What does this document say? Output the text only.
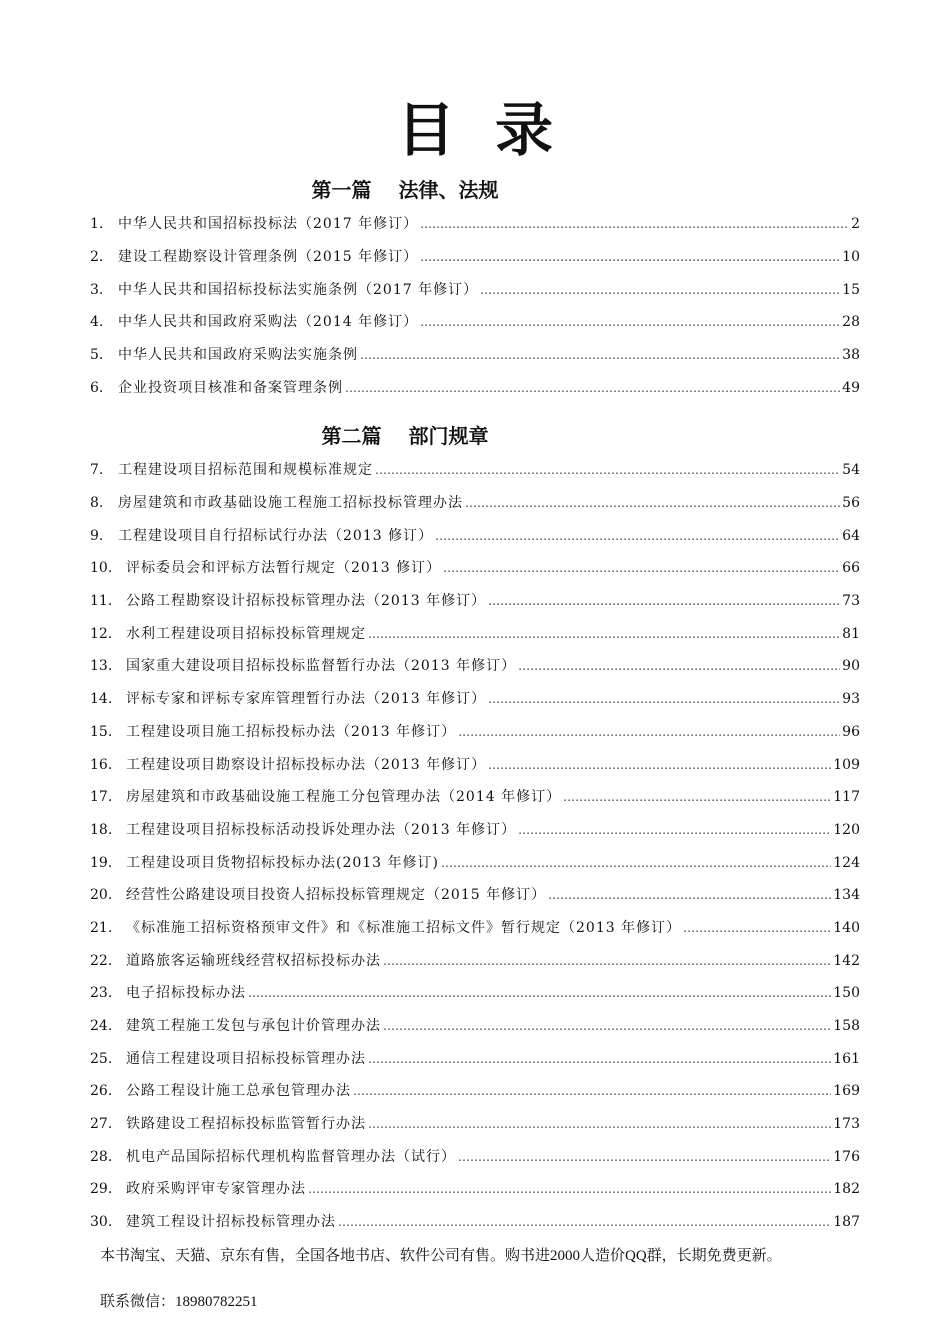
目录
第一篇　 法律、法规
1.	中华人民共和国招标投标法（2017 年修订） ……………………………………………………………………………………………………………………………………………………………………………………………………………………	2
2.	建设工程勘察设计管理条例（2015 年修订） ……………………………………………………………………………………………………………………………………………………………………………………………………………………	10
3.	中华人民共和国招标投标法实施条例（2017 年修订） ……………………………………………………………………………………………………………………………………………………………………………………………………………………	15
4.	中华人民共和国政府采购法（2014 年修订） ……………………………………………………………………………………………………………………………………………………………………………………………………………………	28
5.	中华人民共和国政府采购法实施条例 ……………………………………………………………………………………………………………………………………………………………………………………………………………………	38
6.	企业投资项目核准和备案管理条例 ……………………………………………………………………………………………………………………………………………………………………………………………………………………	49
第二篇　 部门规章
7.	工程建设项目招标范围和规模标准规定 ……………………………………………………………………………………………………………………………………………………………………………………………………………………	54
8.	房屋建筑和市政基础设施工程施工招标投标管理办法 ……………………………………………………………………………………………………………………………………………………………………………………………………………………	56
9.	工程建设项目自行招标试行办法（2013 修订） ……………………………………………………………………………………………………………………………………………………………………………………………………………………	64
10. 评标委员会和评标方法暂行规定（2013 修订） ……………………………………………………………………………………………………………………………………………………………………………………………………………………	66
11. 公路工程勘察设计招标投标管理办法（2013 年修订） ……………………………………………………………………………………………………………………………………………………………………………………………………………………	73
12. 水利工程建设项目招标投标管理规定 ……………………………………………………………………………………………………………………………………………………………………………………………………………………	81
13. 国家重大建设项目招标投标监督暂行办法（2013 年修订） ……………………………………………………………………………………………………………………………………………………………………………………………………………………	90
14. 评标专家和评标专家库管理暂行办法（2013 年修订） ……………………………………………………………………………………………………………………………………………………………………………………………………………………	93
15. 工程建设项目施工招标投标办法（2013 年修订） ……………………………………………………………………………………………………………………………………………………………………………………………………………………	96
16. 工程建设项目勘察设计招标投标办法（2013 年修订） ……………………………………………………………………………………………………………………………………………………………………………………………………………………	109
17. 房屋建筑和市政基础设施工程施工分包管理办法（2014 年修订） ……………………………………………………………………………………………………………………………………………………………………………………………………………………	117
18. 工程建设项目招标投标活动投诉处理办法（2013 年修订） ……………………………………………………………………………………………………………………………………………………………………………………………………………………	120
19. 工程建设项目货物招标投标办法(2013 年修订) ……………………………………………………………………………………………………………………………………………………………………………………………………………………	124
20. 经营性公路建设项目投资人招标投标管理规定（2015 年修订） ……………………………………………………………………………………………………………………………………………………………………………………………………………………	134
21. 《标准施工招标资格预审文件》和《标准施工招标文件》暂行规定（2013 年修订） ……………………………………………………………………………………………………………………………………………………………………………………………………………………	140
22. 道路旅客运输班线经营权招标投标办法 ……………………………………………………………………………………………………………………………………………………………………………………………………………………	142
23. 电子招标投标办法 ……………………………………………………………………………………………………………………………………………………………………………………………………………………	150
24. 建筑工程施工发包与承包计价管理办法 ……………………………………………………………………………………………………………………………………………………………………………………………………………………	158
25. 通信工程建设项目招标投标管理办法 ……………………………………………………………………………………………………………………………………………………………………………………………………………………	161
26. 公路工程设计施工总承包管理办法 ……………………………………………………………………………………………………………………………………………………………………………………………………………………	169
27. 铁路建设工程招标投标监管暂行办法 ……………………………………………………………………………………………………………………………………………………………………………………………………………………	173
28. 机电产品国际招标代理机构监督管理办法（试行） ……………………………………………………………………………………………………………………………………………………………………………………………………………………	176
29. 政府采购评审专家管理办法 ……………………………………………………………………………………………………………………………………………………………………………………………………………………	182
30. 建筑工程设计招标投标管理办法 ……………………………………………………………………………………………………………………………………………………………………………………………………………………	187
本书淘宝、天猫、京东有售，全国各地书店、软件公司有售。购书进2000人造价QQ群，长期免费更新。
联系微信：18980782251
